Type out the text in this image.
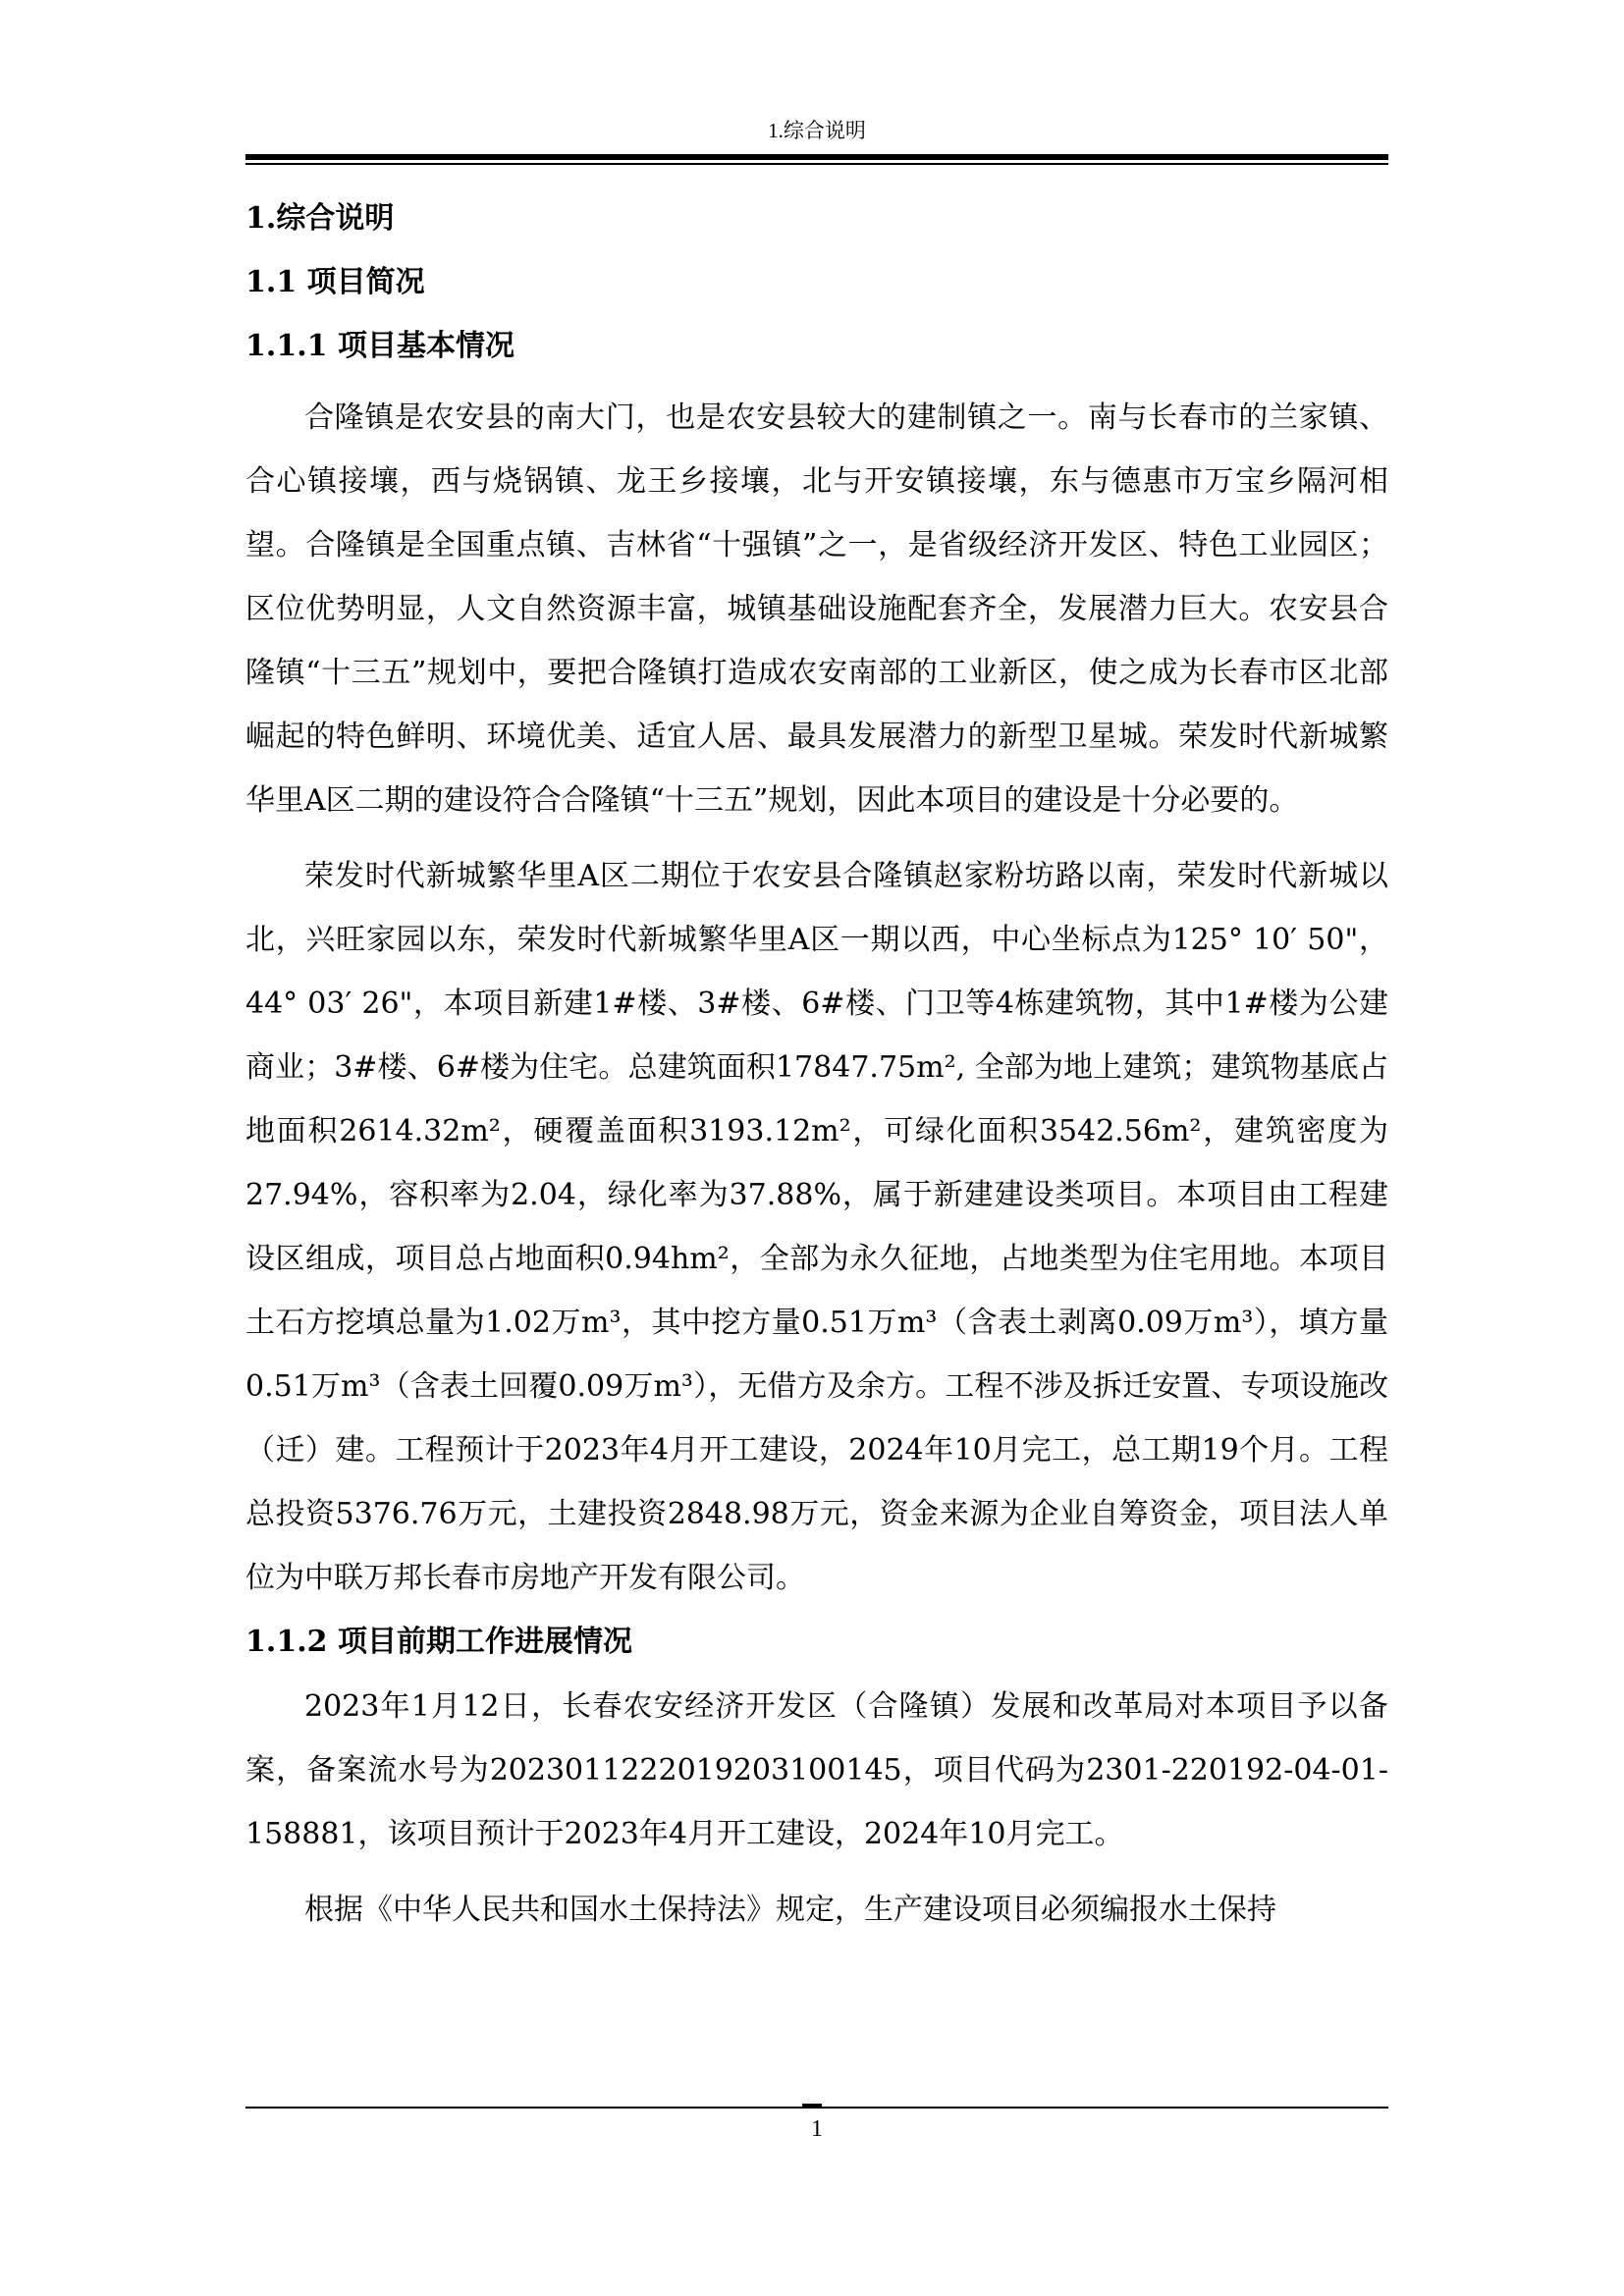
1.综合说明
1.综合说明
1.1 项目简况
1.1.1 项目基本情况

合隆镇是农安县的南大门，也是农安县较大的建制镇之一。南与长春市的兰家镇、合心镇接壤，西与烧锅镇、龙王乡接壤，北与开安镇接壤，东与德惠市万宝乡隔河相望。合隆镇是全国重点镇、吉林省“十强镇”之一，是省级经济开发区、特色工业园区；区位优势明显，人文自然资源丰富，城镇基础设施配套齐全，发展潜力巨大。农安县合隆镇“十三五”规划中，要把合隆镇打造成农安南部的工业新区，使之成为长春市区北部崛起的特色鲜明、环境优美、适宜人居、最具发展潜力的新型卫星城。荣发时代新城繁华里A区二期的建设符合合隆镇“十三五”规划，因此本项目的建设是十分必要的。

荣发时代新城繁华里A区二期位于农安县合隆镇赵家粉坊路以南，荣发时代新城以北，兴旺家园以东，荣发时代新城繁华里A区一期以西，中心坐标点为125° 10′ 50"，44° 03′ 26"，本项目新建1#楼、3#楼、6#楼、门卫等4栋建筑物，其中1#楼为公建商业；3#楼、6#楼为住宅。总建筑面积17847.75m², 全部为地上建筑；建筑物基底占地面积2614.32m²，硬覆盖面积3193.12m²，可绿化面积3542.56m²，建筑密度为27.94%，容积率为2.04，绿化率为37.88%，属于新建建设类项目。本项目由工程建设区组成，项目总占地面积0.94hm²，全部为永久征地，占地类型为住宅用地。本项目土石方挖填总量为1.02万m³，其中挖方量0.51万m³（含表土剥离0.09万m³），填方量0.51万m³（含表土回覆0.09万m³），无借方及余方。工程不涉及拆迁安置、专项设施改（迁）建。工程预计于2023年4月开工建设，2024年10月完工，总工期19个月。工程总投资5376.76万元，土建投资2848.98万元，资金来源为企业自筹资金，项目法人单位为中联万邦长春市房地产开发有限公司。

1.1.2 项目前期工作进展情况

2023年1月12日，长春农安经济开发区（合隆镇）发展和改革局对本项目予以备案，备案流水号为2023011222019203100145，项目代码为2301-220192-04-01-158881，该项目预计于2023年4月开工建设，2024年10月完工。

根据《中华人民共和国水土保持法》规定，生产建设项目必须编报水土保持

1
